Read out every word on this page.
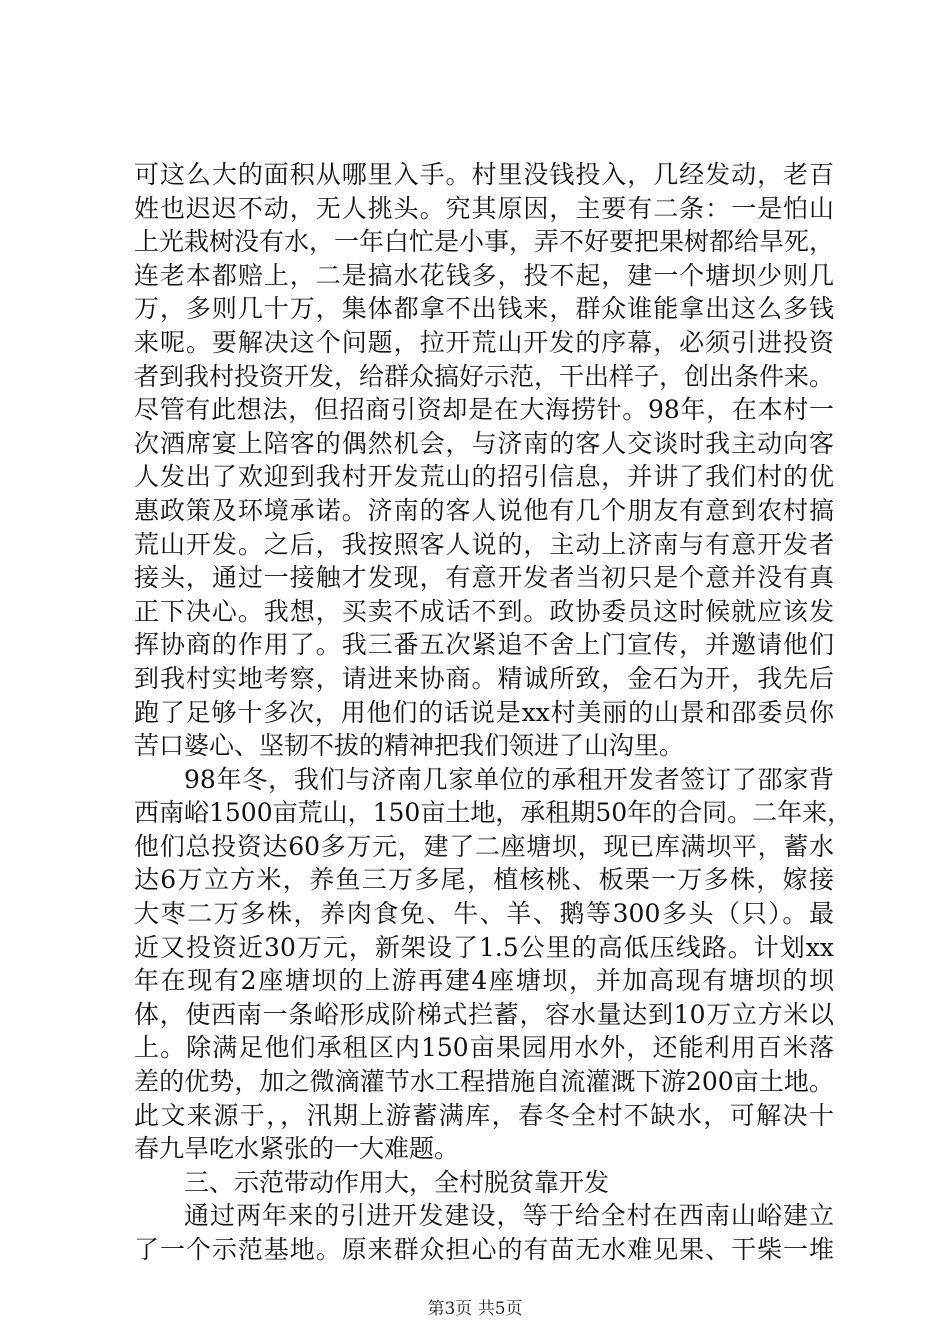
可这么大的面积从哪里入手。村里没钱投入，几经发动，老百
姓也迟迟不动，无人挑头。究其原因，主要有二条：一是怕山
上光栽树没有水，一年白忙是小事，弄不好要把果树都给旱死，
连老本都赔上，二是搞水花钱多，投不起，建一个塘坝少则几
万，多则几十万，集体都拿不出钱来，群众谁能拿出这么多钱
来呢。要解决这个问题，拉开荒山开发的序幕，必须引进投资
者到我村投资开发，给群众搞好示范，干出样子，创出条件来。
尽管有此想法，但招商引资却是在大海捞针。98年，在本村一
次酒席宴上陪客的偶然机会，与济南的客人交谈时我主动向客
人发出了欢迎到我村开发荒山的招引信息，并讲了我们村的优
惠政策及环境承诺。济南的客人说他有几个朋友有意到农村搞
荒山开发。之后，我按照客人说的，主动上济南与有意开发者
接头，通过一接触才发现，有意开发者当初只是个意并没有真
正下决心。我想，买卖不成话不到。政协委员这时候就应该发
挥协商的作用了。我三番五次紧追不舍上门宣传，并邀请他们
到我村实地考察，请进来协商。精诚所致，金石为开，我先后
跑了足够十多次，用他们的话说是xx村美丽的山景和邵委员你
苦口婆心、坚韧不拔的精神把我们领进了山沟里。
98年冬，我们与济南几家单位的承租开发者签订了邵家背
西南峪1500亩荒山，150亩土地，承租期50年的合同。二年来，
他们总投资达60多万元，建了二座塘坝，现已库满坝平，蓄水
达6万立方米，养鱼三万多尾，植核桃、板栗一万多株，嫁接
大枣二万多株，养肉食免、牛、羊、鹅等300多头（只）。最
近又投资近30万元，新架设了1.5公里的高低压线路。计划xx
年在现有2座塘坝的上游再建4座塘坝，并加高现有塘坝的坝
体，使西南一条峪形成阶梯式拦蓄，容水量达到10万立方米以
上。除满足他们承租区内150亩果园用水外，还能利用百米落
差的优势，加之微滴灌节水工程措施自流灌溉下游200亩土地。
此文来源于，，汛期上游蓄满库，春冬全村不缺水，可解决十
春九旱吃水紧张的一大难题。
三、示范带动作用大，全村脱贫靠开发
通过两年来的引进开发建设，等于给全村在西南山峪建立
了一个示范基地。原来群众担心的有苗无水难见果、干柴一堆
第3页 共5页
